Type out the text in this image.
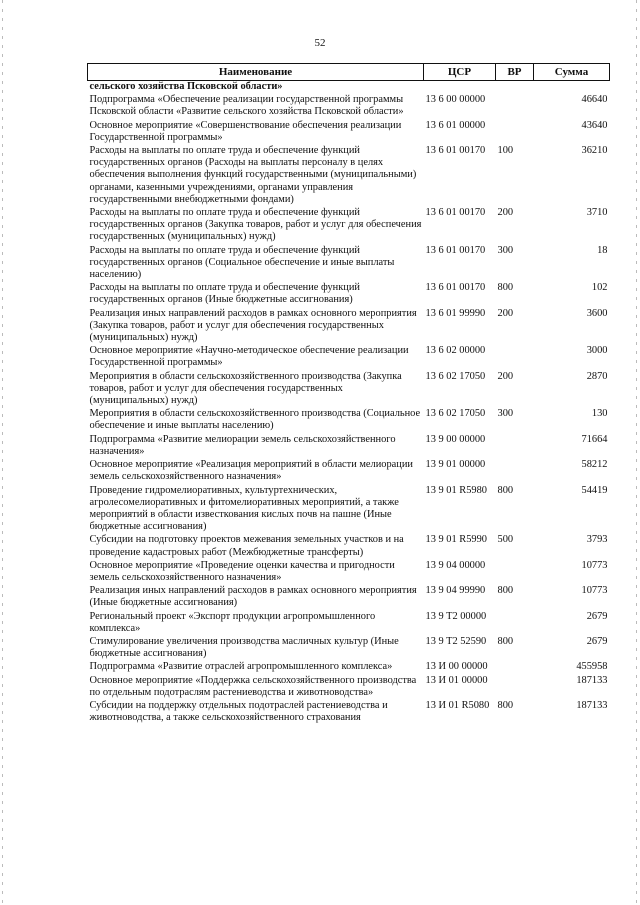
52
Наименование	ЦСР	ВР	Сумма
сельского хозяйства Псковской области»			
Подпрограмма «Обеспечение реализации государственной программы Псковской области «Развитие сельского хозяйства Псковской области»	13 6 00 00000		46640
Основное мероприятие «Совершенствование обеспечения реализации Государственной программы»	13 6 01 00000		43640
Расходы на выплаты по оплате труда и обеспечение функций государственных органов (Расходы на выплаты персоналу в целях обеспечения выполнения функций государственными (муниципальными) органами, казенными учреждениями, органами управления государственными внебюджетными фондами)	13 6 01 00170	100	36210
Расходы на выплаты по оплате труда и обеспечение функций государственных органов (Закупка товаров, работ и услуг для обеспечения государственных (муниципальных) нужд)	13 6 01 00170	200	3710
Расходы на выплаты по оплате труда и обеспечение функций государственных органов (Социальное обеспечение и иные выплаты населению)	13 6 01 00170	300	18
Расходы на выплаты по оплате труда и обеспечение функций государственных органов (Иные бюджетные ассигнования)	13 6 01 00170	800	102
Реализация иных направлений расходов в рамках основного мероприятия (Закупка товаров, работ и услуг для обеспечения государственных (муниципальных) нужд)	13 6 01 99990	200	3600
Основное мероприятие «Научно-методическое обеспечение реализации Государственной программы»	13 6 02 00000		3000
Мероприятия в области сельскохозяйственного производства (Закупка товаров, работ и услуг для обеспечения государственных (муниципальных) нужд)	13 6 02 17050	200	2870
Мероприятия в области сельскохозяйственного производства (Социальное обеспечение и иные выплаты населению)	13 6 02 17050	300	130
Подпрограмма «Развитие мелиорации земель сельскохозяйственного назначения»	13 9 00 00000		71664
Основное мероприятие «Реализация мероприятий в области мелиорации земель сельскохозяйственного назначения»	13 9 01 00000		58212
Проведение гидромелиоративных, культуртехнических, агролесомелиоративных и фитомелиоративных мероприятий, а также мероприятий в области известкования кислых почв на пашне (Иные бюджетные ассигнования)	13 9 01 R5980	800	54419
Субсидии на подготовку проектов межевания земельных участков и на проведение кадастровых работ (Межбюджетные трансферты)	13 9 01 R5990	500	3793
Основное мероприятие «Проведение оценки качества и пригодности земель сельскохозяйственного назначения»	13 9 04 00000		10773
Реализация иных направлений расходов в рамках основного мероприятия (Иные бюджетные ассигнования)	13 9 04 99990	800	10773
Региональный проект «Экспорт продукции агропромышленного комплекса»	13 9 T2 00000		2679
Стимулирование увеличения производства масличных культур (Иные бюджетные ассигнования)	13 9 T2 52590	800	2679
Подпрограмма «Развитие отраслей агропромышленного комплекса»	13 И 00 00000		455958
Основное мероприятие «Поддержка сельскохозяйственного производства по отдельным подотраслям растениеводства и животноводства»	13 И 01 00000		187133
Субсидии на поддержку отдельных подотраслей растениеводства и животноводства, а также сельскохозяйственного страхования	13 И 01 R5080	800	187133
